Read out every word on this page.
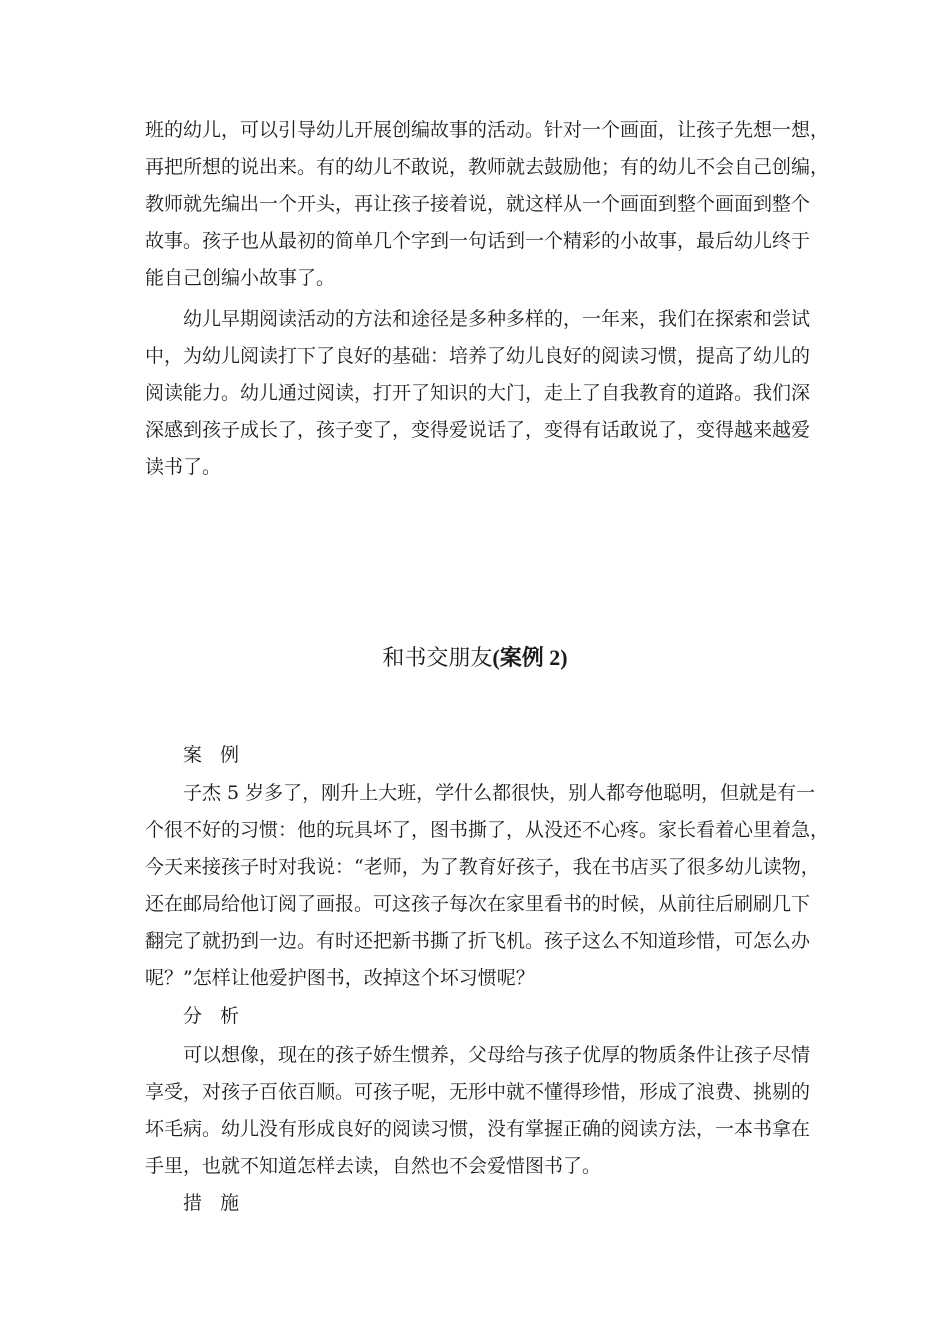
班的幼儿，可以引导幼儿开展创编故事的活动。针对一个画面，让孩子先想一想，
再把所想的说出来。有的幼儿不敢说，教师就去鼓励他；有的幼儿不会自己创编，
教师就先编出一个开头，再让孩子接着说，就这样从一个画面到整个画面到整个
故事。孩子也从最初的简单几个字到一句话到一个精彩的小故事，最后幼儿终于
能自己创编小故事了。
幼儿早期阅读活动的方法和途径是多种多样的，一年来，我们在探索和尝试
中，为幼儿阅读打下了良好的基础：培养了幼儿良好的阅读习惯，提高了幼儿的
阅读能力。幼儿通过阅读，打开了知识的大门，走上了自我教育的道路。我们深
深感到孩子成长了，孩子变了，变得爱说话了，变得有话敢说了，变得越来越爱
读书了。
和书交朋友(案例 2)
案 例
子杰 5 岁多了，刚升上大班，学什么都很快，别人都夸他聪明，但就是有一
个很不好的习惯：他的玩具坏了，图书撕了，从没还不心疼。家长看着心里着急，
今天来接孩子时对我说：“老师，为了教育好孩子，我在书店买了很多幼儿读物，
还在邮局给他订阅了画报。可这孩子每次在家里看书的时候，从前往后刷刷几下
翻完了就扔到一边。有时还把新书撕了折飞机。孩子这么不知道珍惜，可怎么办
呢？”怎样让他爱护图书，改掉这个坏习惯呢？
分 析
可以想像，现在的孩子娇生惯养，父母给与孩子优厚的物质条件让孩子尽情
享受，对孩子百依百顺。可孩子呢，无形中就不懂得珍惜，形成了浪费、挑剔的
坏毛病。幼儿没有形成良好的阅读习惯，没有掌握正确的阅读方法，一本书拿在
手里，也就不知道怎样去读，自然也不会爱惜图书了。
措 施
